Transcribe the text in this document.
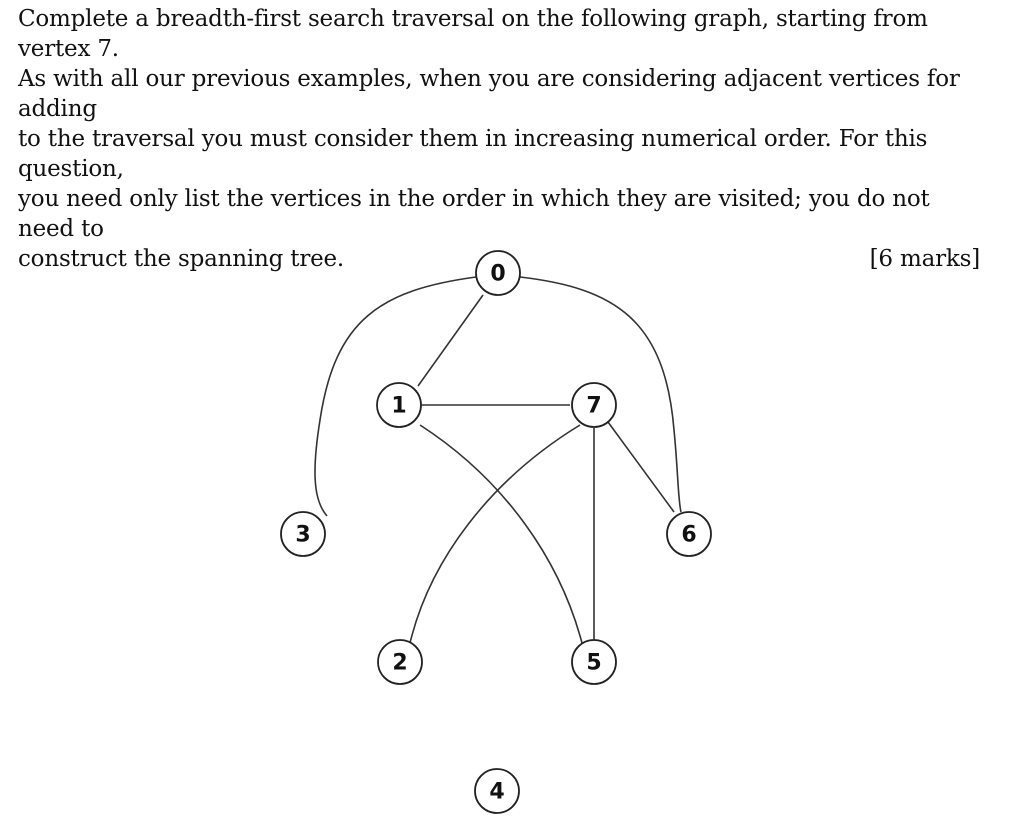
Complete a breadth-first search traversal on the following graph, starting from vertex 7.

As with all our previous examples, when you are considering adjacent vertices for adding

to the traversal you must consider them in increasing numerical order. For this question,

you need only list the vertices in the order in which they are visited; you do not need to

construct the spanning tree.	[6 marks]

0
1
2
3
4
5
6
7
